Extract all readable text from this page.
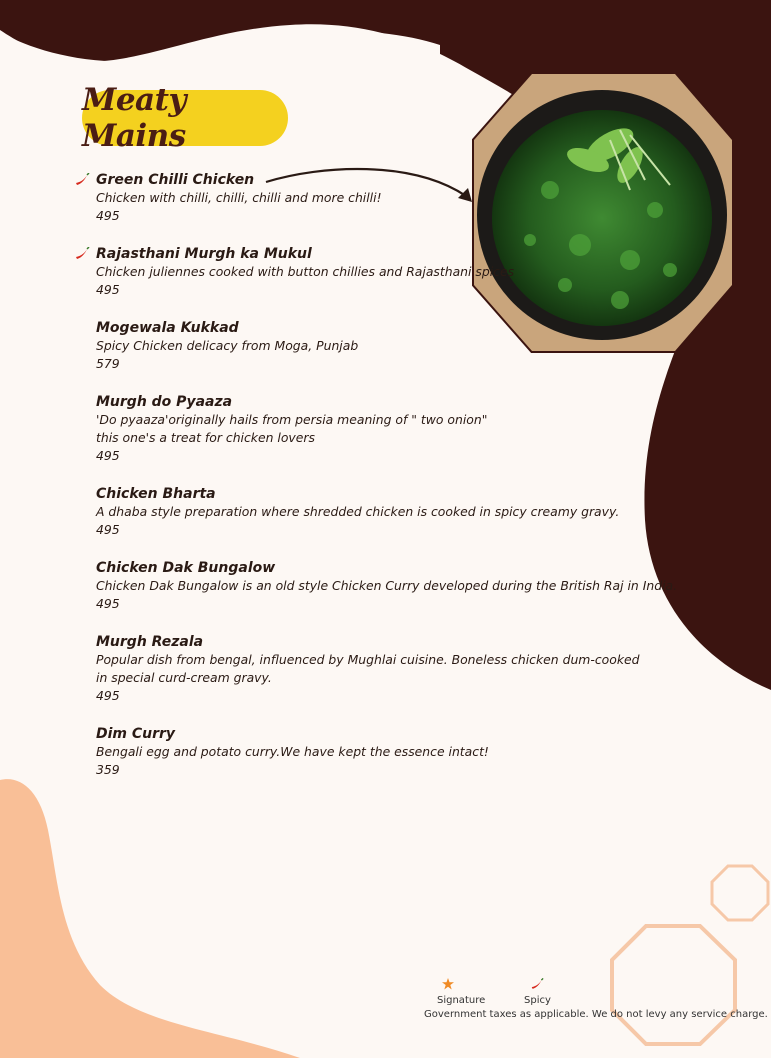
Meaty Mains
Green Chilli Chicken
Chicken with chilli, chilli, chilli and more chilli!
495
Rajasthani Murgh ka Mukul
Chicken juliennes cooked with button chillies and Rajasthani spices
495
Mogewala Kukkad
Spicy Chicken delicacy from Moga, Punjab
579
Murgh do Pyaaza
'Do pyaaza'originally hails from persia meaning of " two onion"
this one's a treat for chicken lovers
495
Chicken Bharta
A dhaba style preparation where shredded chicken is cooked in spicy creamy gravy.
495
Chicken Dak Bungalow
Chicken Dak Bungalow is an old style Chicken Curry developed during the British Raj in India.
495
Murgh Rezala
Popular dish from bengal, influenced by Mughlai cuisine. Boneless chicken dum-cooked
in special curd-cream gravy.
495
Dim Curry
Bengali egg and potato curry.We have kept the essence intact!
359
Signature	Spicy
Government taxes as applicable. We do not levy any service charge.
